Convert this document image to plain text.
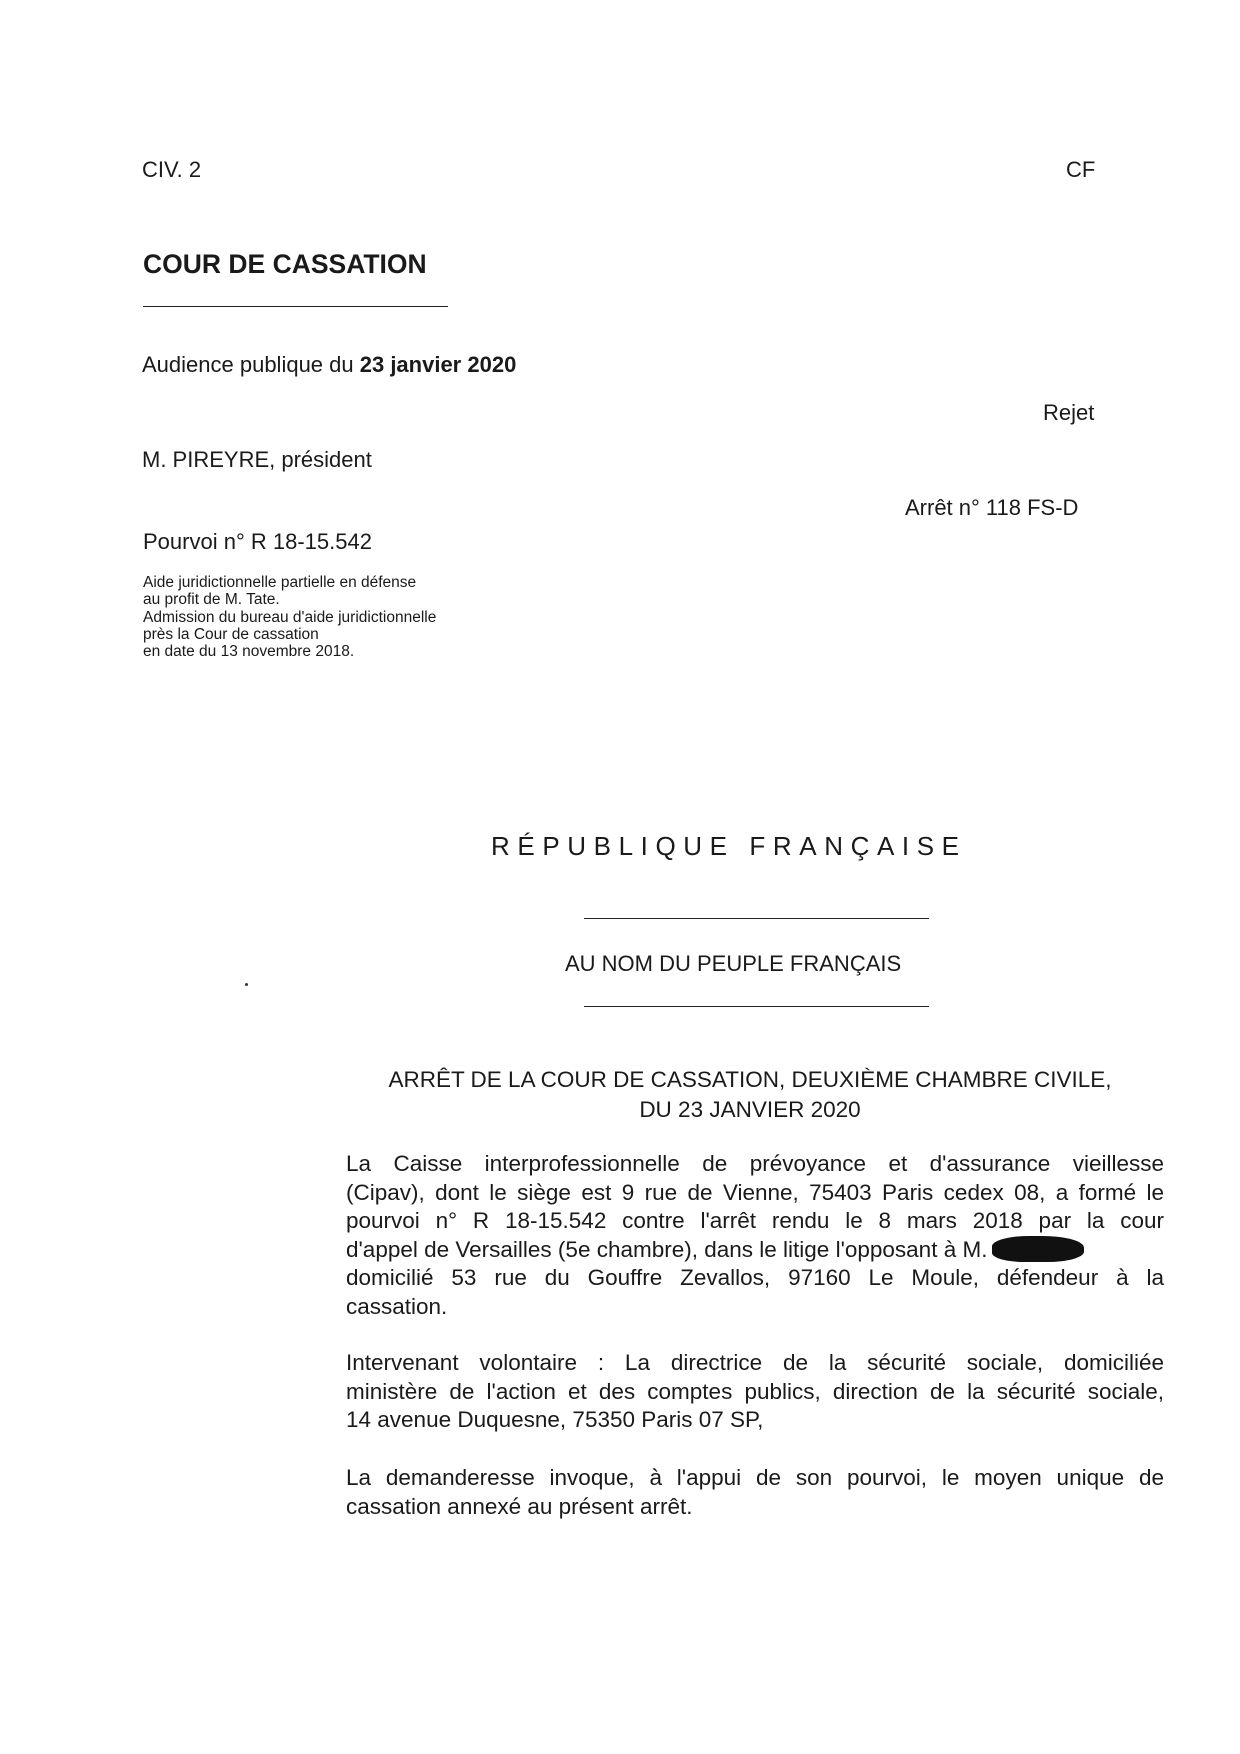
CIV. 2	CF
COUR DE CASSATION
Audience publique du 23 janvier 2020
Rejet
M. PIREYRE, président
Arrêt n° 118 FS-D
Pourvoi n° R 18-15.542
Aide juridictionnelle partielle en défense
au profit de M. Tate.
Admission du bureau d'aide juridictionnelle
près la Cour de cassation
en date du 13 novembre 2018.
RÉPUBLIQUE FRANÇAISE
AU NOM DU PEUPLE FRANÇAIS
ARRÊT DE LA COUR DE CASSATION, DEUXIÈME CHAMBRE CIVILE,
DU 23 JANVIER 2020
La Caisse interprofessionnelle de prévoyance et d'assurance vieillesse
(Cipav), dont le siège est 9 rue de Vienne, 75403 Paris cedex 08, a formé le
pourvoi n° R 18-15.542 contre l'arrêt rendu le 8 mars 2018 par la cour
d'appel de Versailles (5e chambre), dans le litige l'opposant à M.
domicilié 53 rue du Gouffre Zevallos, 97160 Le Moule, défendeur à la
cassation.
Intervenant volontaire : La directrice de la sécurité sociale, domiciliée
ministère de l'action et des comptes publics, direction de la sécurité sociale,
14 avenue Duquesne, 75350 Paris 07 SP,
La demanderesse invoque, à l'appui de son pourvoi, le moyen unique de
cassation annexé au présent arrêt.
